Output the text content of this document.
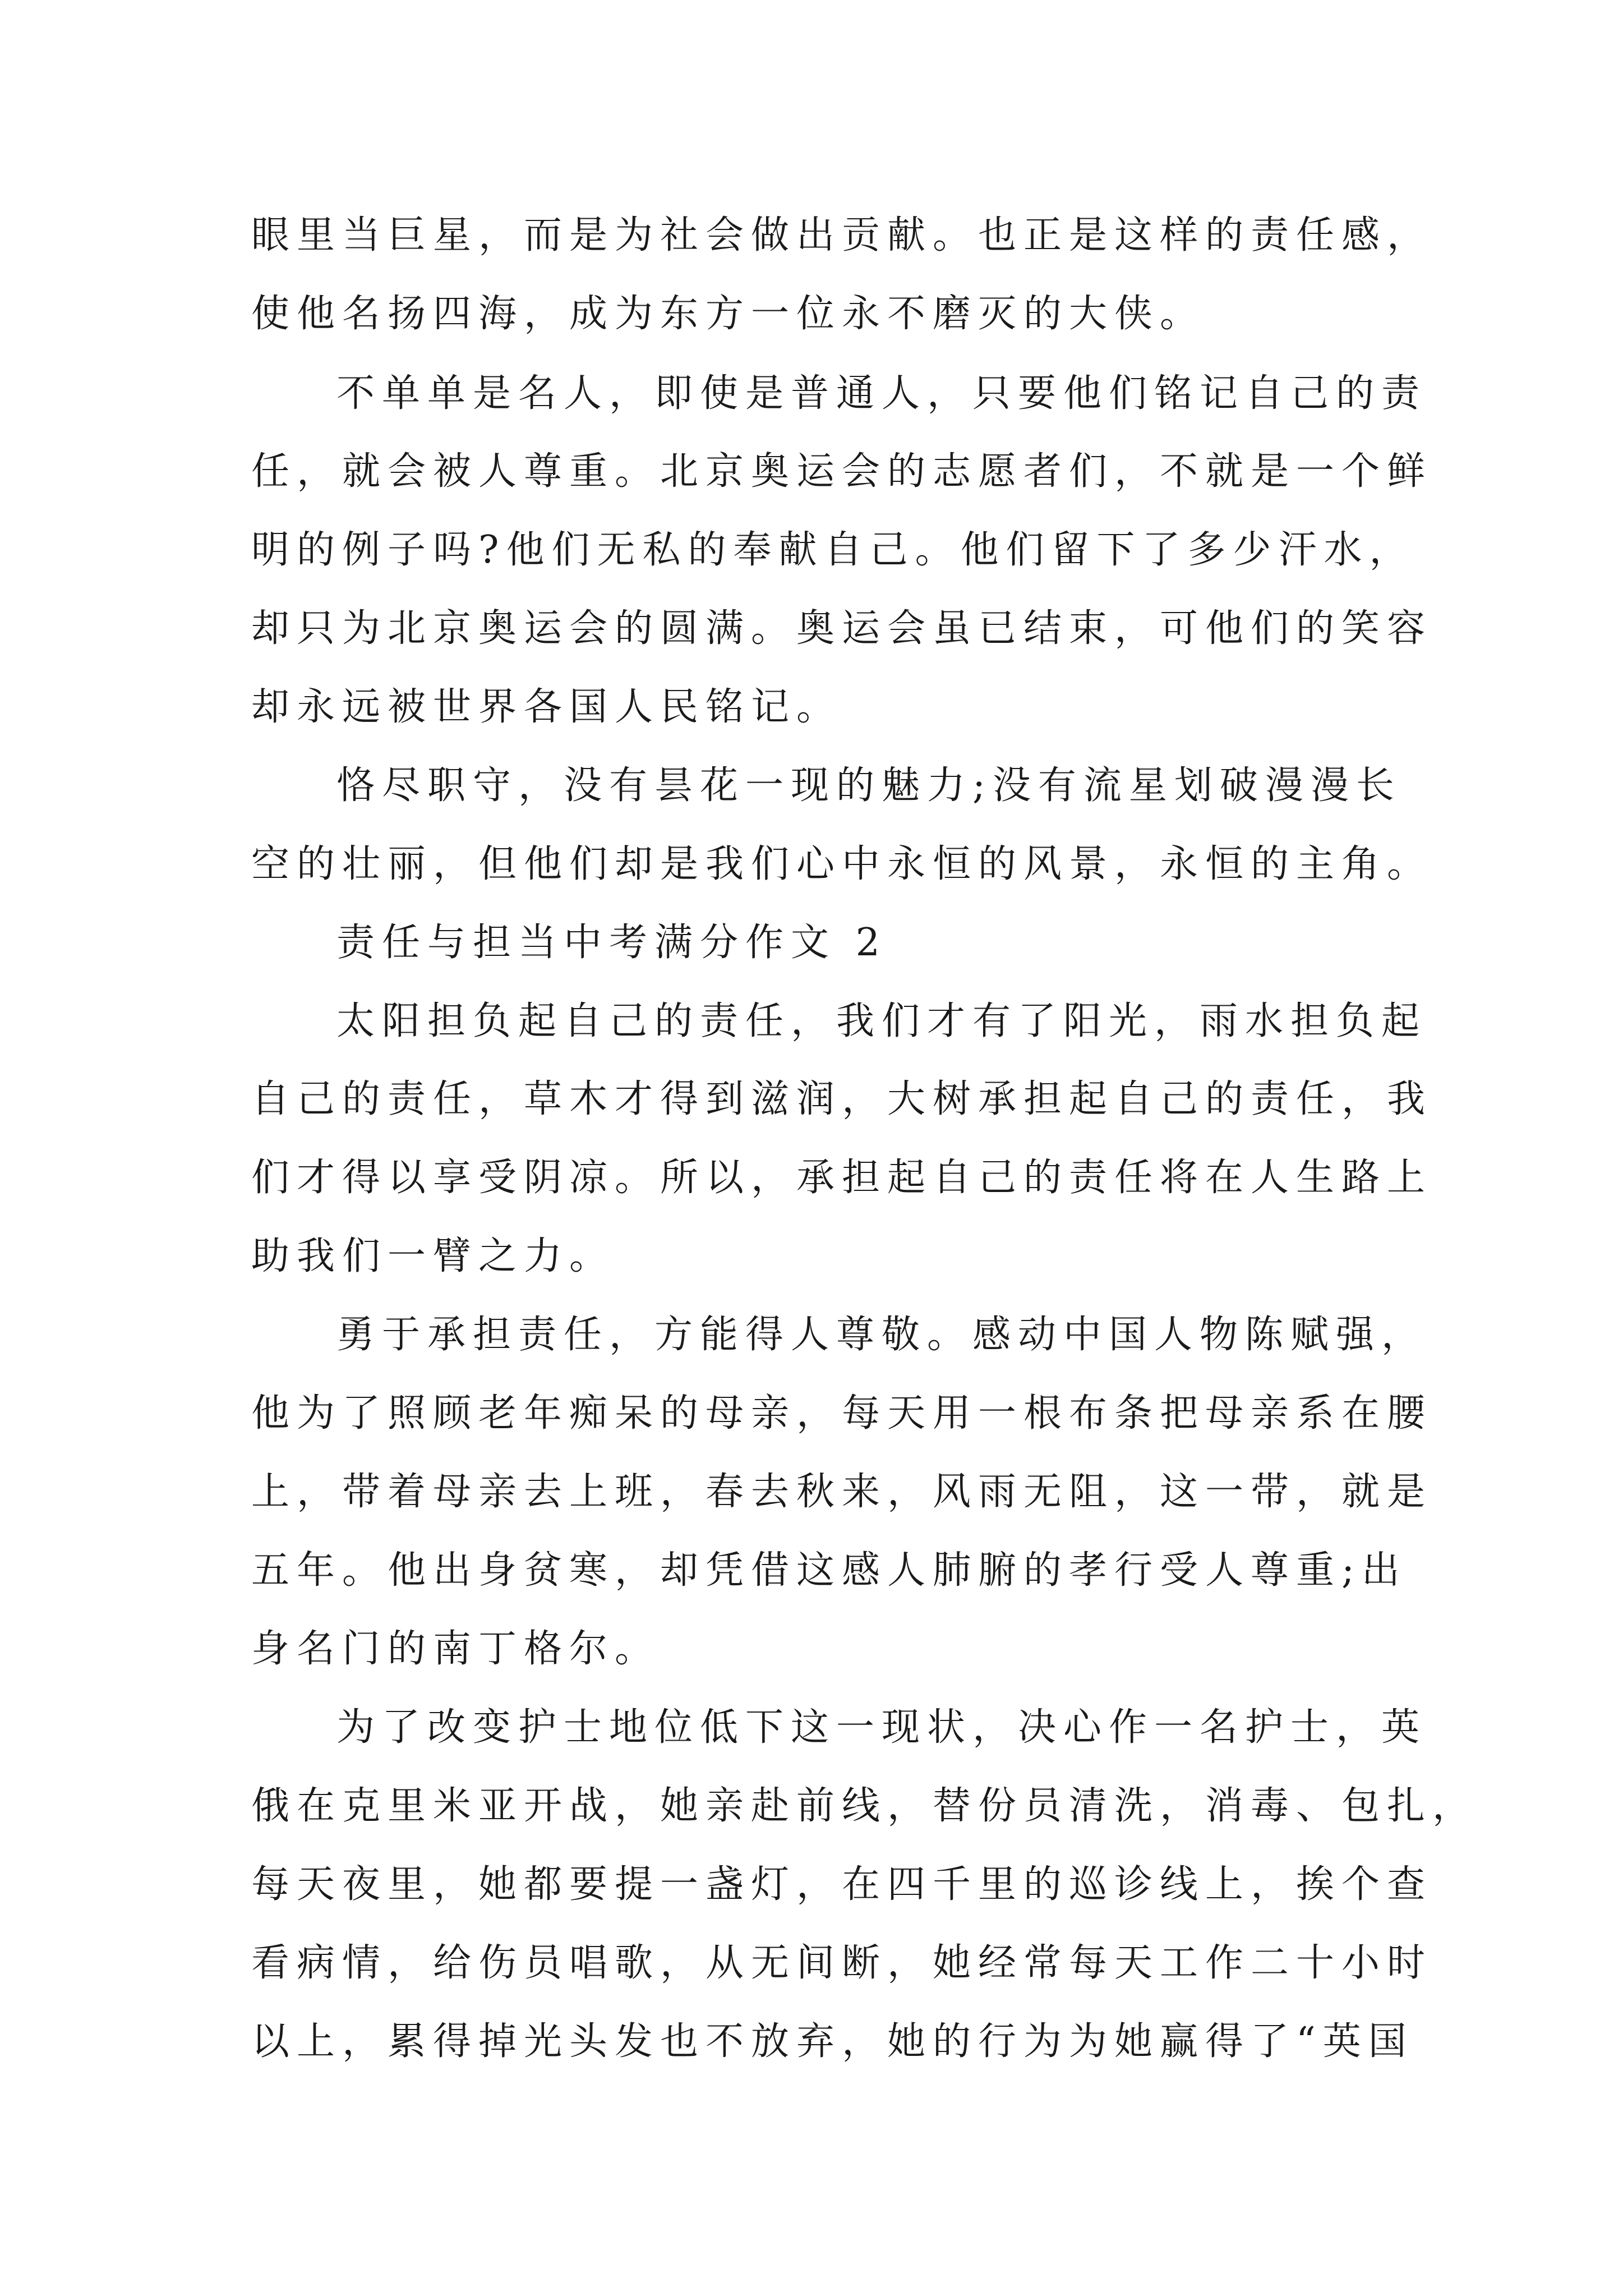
眼里当巨星，而是为社会做出贡献。也正是这样的责任感，
使他名扬四海，成为东方一位永不磨灭的大侠。
不单单是名人，即使是普通人，只要他们铭记自己的责
任，就会被人尊重。北京奥运会的志愿者们，不就是一个鲜
明的例子吗?他们无私的奉献自己。他们留下了多少汗水，
却只为北京奥运会的圆满。奥运会虽已结束，可他们的笑容
却永远被世界各国人民铭记。
恪尽职守，没有昙花一现的魅力;没有流星划破漫漫长
空的壮丽，但他们却是我们心中永恒的风景，永恒的主角。
责任与担当中考满分作文 2
太阳担负起自己的责任，我们才有了阳光，雨水担负起
自己的责任，草木才得到滋润，大树承担起自己的责任，我
们才得以享受阴凉。所以，承担起自己的责任将在人生路上
助我们一臂之力。
勇于承担责任，方能得人尊敬。感动中国人物陈赋强，
他为了照顾老年痴呆的母亲，每天用一根布条把母亲系在腰
上，带着母亲去上班，春去秋来，风雨无阻，这一带，就是
五年。他出身贫寒，却凭借这感人肺腑的孝行受人尊重;出
身名门的南丁格尔。
为了改变护士地位低下这一现状，决心作一名护士，英
俄在克里米亚开战，她亲赴前线，替份员清洗，消毒、包扎，
每天夜里，她都要提一盏灯，在四千里的巡诊线上，挨个查
看病情，给伤员唱歌，从无间断，她经常每天工作二十小时
以上，累得掉光头发也不放弃，她的行为为她赢得了“英国
